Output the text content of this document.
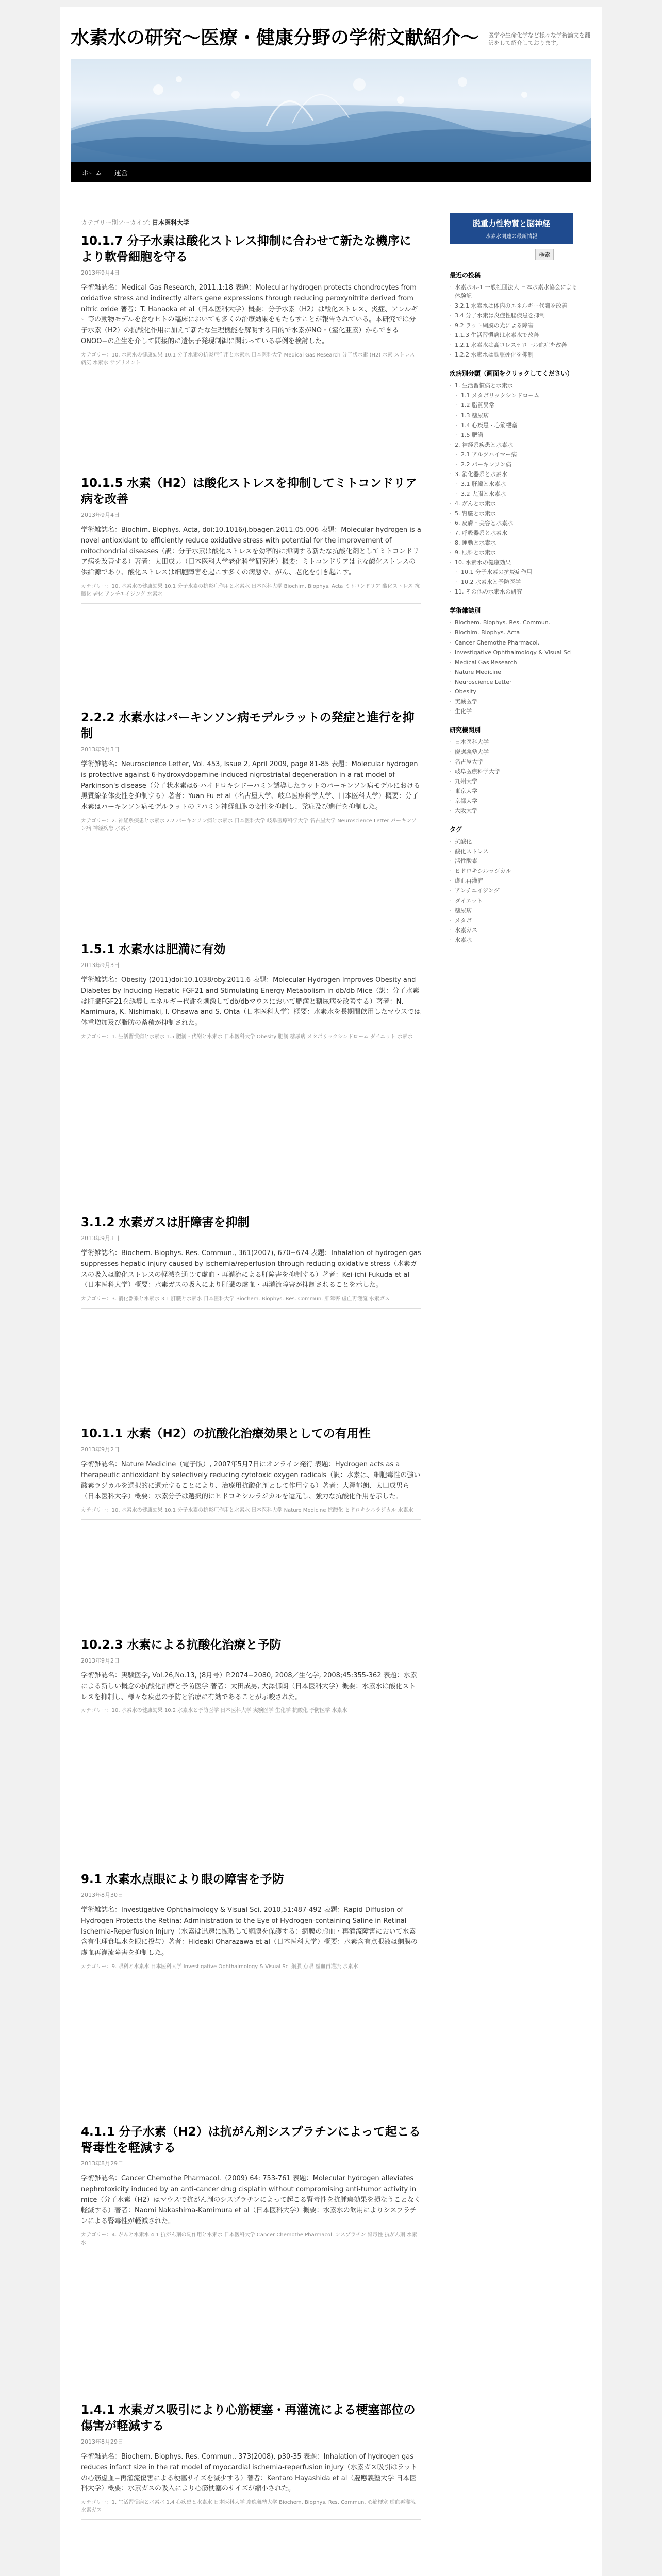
水素水の研究〜医療・健康分野の学術文献紹介〜	医学や生命化学など様々な学術論文を翻訳をして紹介しております。
ホーム	運営
カテゴリー別アーカイブ: 日本医科大学
10.1.7 分子水素は酸化ストレス抑制に合わせて新たな機序により軟骨細胞を守る
2013年9月4日

学術雑誌名：Medical Gas Research, 2011,1:18 表題：Molecular hydrogen protects chondrocytes from oxidative stress and indirectly alters gene expressions through reducing peroxynitrite derived from nitric oxide 著者：T. Hanaoka et al（日本医科大学）概要：分子水素（H2）は酸化ストレス、炎症、アレルギー等の動物モデルを含むヒトの臨床においても多くの治療効果をもたらすことが報告されている。本研究では分子水素（H2）の抗酸化作用に加えて新たな生理機能を解明する目的で水素がNO・（窒化亜素）からできるONOO−の産生を介して間接的に遺伝子発現制御に関わっている事例を検討した。

カテゴリー：10. 水素水の健康効果 10.1 分子水素の抗炎症作用と水素水 日本医科大学 Medical Gas Research 分子状水素 (H2) 水素 ストレス 病気 水素水 サプリメント
10.1.5 水素（H2）は酸化ストレスを抑制してミトコンドリア病を改善
2013年9月4日

学術雑誌名：Biochim. Biophys. Acta, doi:10.1016/j.bbagen.2011.05.006 表題：Molecular hydrogen is a novel antioxidant to efficiently reduce oxidative stress with potential for the improvement of mitochondrial diseases（訳：分子水素は酸化ストレスを効率的に抑制する新たな抗酸化剤としてミトコンドリア病を改善する）著者：太田成男（日本医科大学老化科学研究所）概要：ミトコンドリアは主な酸化ストレスの供給源であり、酸化ストレスは細胞障害を起こす多くの病態や、がん、老化を引き起こす。

カテゴリー：10. 水素水の健康効果 10.1 分子水素の抗炎症作用と水素水 日本医科大学 Biochim. Biophys. Acta ミトコンドリア 酸化ストレス 抗酸化 老化 アンチエイジング 水素水
2.2.2 水素水はパーキンソン病モデルラットの発症と進行を抑制
2013年9月3日

学術雑誌名：Neuroscience Letter, Vol. 453, Issue 2, April 2009, page 81-85 表題：Molecular hydrogen is protective against 6-hydroxydopamine-induced nigrostriatal degeneration in a rat model of Parkinson's disease（分子状水素は6-ハイドロキシドーパミン誘導したラットのパーキンソン病モデルにおける黒質線条体変性を抑制する）著者：Yuan Fu et al（名古屋大学、岐阜医療科学大学、日本医科大学）概要：分子水素はパーキンソン病モデルラットのドパミン神経細胞の変性を抑制し、発症及び進行を抑制した。

カテゴリー：2. 神経系疾患と水素水 2.2 パーキンソン病と水素水 日本医科大学 岐阜医療科学大学 名古屋大学 Neuroscience Letter パーキンソン病 神経疾患 水素水
1.5.1 水素水は肥満に有効
2013年9月3日

学術雑誌名：Obesity (2011)doi:10.1038/oby.2011.6 表題：Molecular Hydrogen Improves Obesity and Diabetes by Inducing Hepatic FGF21 and Stimulating Energy Metabolism in db/db Mice（訳：分子水素は肝臓FGF21を誘導しエネルギー代謝を刺激してdb/dbマウスにおいて肥満と糖尿病を改善する）著者：N. Kamimura, K. Nishimaki, I. Ohsawa and S. Ohta（日本医科大学）概要：水素水を長期間飲用したマウスでは体重増加及び脂肪の蓄積が抑制された。

カテゴリー：1. 生活習慣病と水素水 1.5 肥満・代謝と水素水 日本医科大学 Obesity 肥満 糖尿病 メタボリックシンドローム ダイエット 水素水
3.1.2 水素ガスは肝障害を抑制
2013年9月3日

学術雑誌名：Biochem. Biophys. Res. Commun., 361(2007), 670−674 表題：Inhalation of hydrogen gas suppresses hepatic injury caused by ischemia/reperfusion through reducing oxidative stress（水素ガスの吸入は酸化ストレスの軽減を通じて虚血・再灌流による肝障害を抑制する）著者：Kei-ichi Fukuda et al（日本医科大学）概要：水素ガスの吸入により肝臓の虚血・再灌流障害が抑制されることを示した。

カテゴリー：3. 消化器系と水素水 3.1 肝臓と水素水 日本医科大学 Biochem. Biophys. Res. Commun. 肝障害 虚血再灌流 水素ガス
10.1.1 水素（H2）の抗酸化治療効果としての有用性
2013年9月2日

学術雑誌名：Nature Medicine（電子版）, 2007年5月7日にオンライン発行 表題：Hydrogen acts as a therapeutic antioxidant by selectively reducing cytotoxic oxygen radicals（訳：水素は、細胞毒性の強い酸素ラジカルを選択的に還元することにより、治療用抗酸化剤として作用する）著者：大澤郁朗、太田成男ら（日本医科大学）概要：水素分子は選択的にヒドロキシルラジカルを還元し、強力な抗酸化作用を示した。

カテゴリー：10. 水素水の健康効果 10.1 分子水素の抗炎症作用と水素水 日本医科大学 Nature Medicine 抗酸化 ヒドロキシルラジカル 水素水
10.2.3 水素による抗酸化治療と予防
2013年9月2日

学術雑誌名：実験医学, Vol.26,No.13, (8月号）P.2074−2080, 2008／生化学, 2008;45:355-362 表題：水素による新しい概念の抗酸化治療と予防医学 著者：太田成男, 大澤郁朗（日本医科大学）概要：水素水は酸化ストレスを抑制し、様々な疾患の予防と治療に有効であることが示唆された。

カテゴリー：10. 水素水の健康効果 10.2 水素水と予防医学 日本医科大学 実験医学 生化学 抗酸化 予防医学 水素水
9.1 水素水点眼により眼の障害を予防
2013年8月30日

学術雑誌名：Investigative Ophthalmology & Visual Sci, 2010,51:487-492 表題：Rapid Diffusion of Hydrogen Protects the Retina: Administration to the Eye of Hydrogen-containing Saline in Retinal Ischemia-Reperfusion Injury（水素は迅速に拡散して網膜を保護する：網膜の虚血・再灌流障害において水素含有生理食塩水を眼に投与）著者：Hideaki Oharazawa et al（日本医科大学）概要：水素含有点眼液は網膜の虚血再灌流障害を抑制した。

カテゴリー：9. 眼科と水素水 日本医科大学 Investigative Ophthalmology & Visual Sci 網膜 点眼 虚血再灌流 水素水
4.1.1 分子水素（H2）は抗がん剤シスプラチンによって起こる腎毒性を軽減する
2013年8月29日

学術雑誌名：Cancer Chemothe Pharmacol.（2009) 64: 753-761 表題：Molecular hydrogen alleviates nephrotoxicity induced by an anti-cancer drug cisplatin without compromising anti-tumor activity in mice（分子水素（H2）はマウスで抗がん剤のシスプラチンによって起こる腎毒性を抗腫瘍効果を損なうことなく軽減する）著者：Naomi Nakashima-Kamimura et al（日本医科大学）概要：水素水の飲用によりシスプラチンによる腎毒性が軽減された。

カテゴリー：4. がんと水素水 4.1 抗がん剤の副作用と水素水 日本医科大学 Cancer Chemothe Pharmacol. シスプラチン 腎毒性 抗がん剤 水素水
1.4.1 水素ガス吸引により心筋梗塞・再灌流による梗塞部位の傷害が軽減する
2013年8月29日

学術雑誌名：Biochem. Biophys. Res. Commun., 373(2008), p30-35 表題：Inhalation of hydrogen gas reduces infarct size in the rat model of myocardial ischemia-reperfusion injury（水素ガス吸引はラットの心筋虚血−再灌流傷害による梗塞サイズを減少する）著者：Kentaro Hayashida et al（慶應義塾大学 日本医科大学）概要：水素ガスの吸入により心筋梗塞のサイズが縮小された。

カテゴリー：1. 生活習慣病と水素水 1.4 心疾患と水素水 日本医科大学 慶應義塾大学 Biochem. Biophys. Res. Commun. 心筋梗塞 虚血再灌流 水素ガス
脱重力性物質と脳神経
水素水関連の最新情報
検索
最近の投稿
· 水素水ホ-1 一般社団法人 日本水素水協会による体験記
· 3.2.1 水素水は体内のエネルギー代謝を改善
· 3.4 分子水素は炎症性腸疾患を抑制
· 9.2 ラット網膜の光による障害
· 1.1.3 生活習慣病は水素水で改善
· 1.2.1 水素水は高コレステロール血症を改善
· 1.2.2 水素水は動脈硬化を抑制
疾病別分類（画面をクリックしてください）
· 1. 生活習慣病と水素水
· 1.1 メタボリックシンドローム
· 1.2 脂質異常
· 1.3 糖尿病
· 1.4 心疾患・心筋梗塞
· 1.5 肥満
· 2. 神経系疾患と水素水
· 2.1 アルツハイマー病
· 2.2 パーキンソン病
· 3. 消化器系と水素水
· 3.1 肝臓と水素水
· 3.2 大腸と水素水
· 4. がんと水素水
· 5. 腎臓と水素水
· 6. 皮膚・美容と水素水
· 7. 呼吸器系と水素水
· 8. 運動と水素水
· 9. 眼科と水素水
· 10. 水素水の健康効果
· 10.1 分子水素の抗炎症作用
· 10.2 水素水と予防医学
· 11. その他の水素水の研究
学術雑誌別
· Biochem. Biophys. Res. Commun.
· Biochim. Biophys. Acta
· Cancer Chemothe Pharmacol.
· Investigative Ophthalmology & Visual Sci
· Medical Gas Research
· Nature Medicine
· Neuroscience Letter
· Obesity
· 実験医学
· 生化学
研究機関別
· 日本医科大学
· 慶應義塾大学
· 名古屋大学
· 岐阜医療科学大学
· 九州大学
· 東京大学
· 京都大学
· 大阪大学
タグ
· 抗酸化
· 酸化ストレス
· 活性酸素
· ヒドロキシルラジカル
· 虚血再灌流
· アンチエイジング
· ダイエット
· 糖尿病
· メタボ
· 水素ガス
· 水素水
